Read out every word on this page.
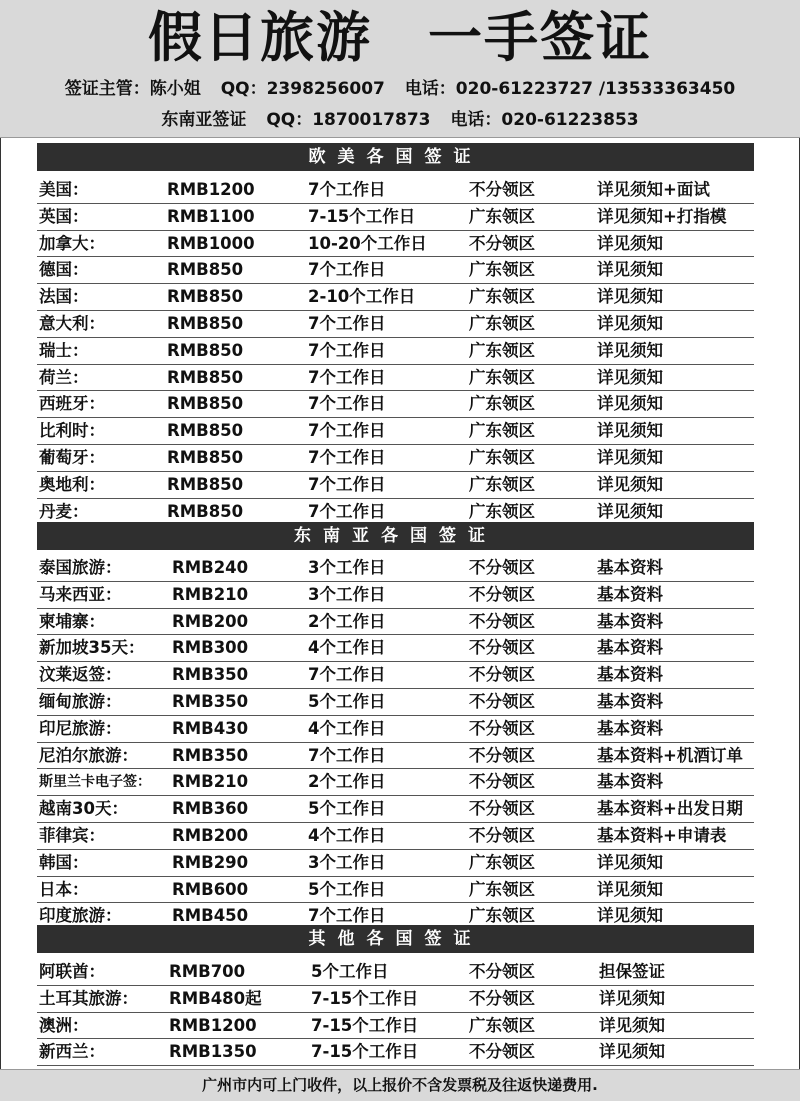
假日旅游 一手签证
签证主管：陈小姐 QQ：2398256007 电话：020-61223727 /13533363450
东南亚签证 QQ：1870017873 电话：020-61223853
欧美各国签证
美国：	RMB1200	7个工作日	不分领区	详见须知+面试
英国：	RMB1100	7-15个工作日	广东领区	详见须知+打指模
加拿大：	RMB1000	10-20个工作日	不分领区	详见须知
德国：	RMB850	7个工作日	广东领区	详见须知
法国：	RMB850	2-10个工作日	广东领区	详见须知
意大利：	RMB850	7个工作日	广东领区	详见须知
瑞士：	RMB850	7个工作日	广东领区	详见须知
荷兰：	RMB850	7个工作日	广东领区	详见须知
西班牙：	RMB850	7个工作日	广东领区	详见须知
比利时：	RMB850	7个工作日	广东领区	详见须知
葡萄牙：	RMB850	7个工作日	广东领区	详见须知
奥地利：	RMB850	7个工作日	广东领区	详见须知
丹麦：	RMB850	7个工作日	广东领区	详见须知
东南亚各国签证
泰国旅游：	RMB240	3个工作日	不分领区	基本资料
马来西亚：	RMB210	3个工作日	不分领区	基本资料
柬埔寨：	RMB200	2个工作日	不分领区	基本资料
新加坡35天： RMB300	4个工作日	不分领区	基本资料
汶莱返签：	RMB350	7个工作日	不分领区	基本资料
缅甸旅游：	RMB350	5个工作日	不分领区	基本资料
印尼旅游：	RMB430	4个工作日	不分领区	基本资料
尼泊尔旅游： RMB350	7个工作日	不分领区	基本资料+机酒订单
斯里兰卡电子签： RMB210	2个工作日	不分领区	基本资料
越南30天：	RMB360	5个工作日	不分领区	基本资料+出发日期
菲律宾：	RMB200	4个工作日	不分领区	基本资料+申请表
韩国：	RMB290	3个工作日	广东领区	详见须知
日本：	RMB600	5个工作日	广东领区	详见须知
印度旅游：	RMB450	7个工作日	广东领区	详见须知
其他各国签证
阿联酋：	RMB700	5个工作日	不分领区	担保签证
土耳其旅游： RMB480起	7-15个工作日	不分领区	详见须知
澳洲：	RMB1200	7-15个工作日	广东领区	详见须知
新西兰：	RMB1350	7-15个工作日	不分领区	详见须知
广州市内可上门收件，以上报价不含发票税及往返快递费用.
